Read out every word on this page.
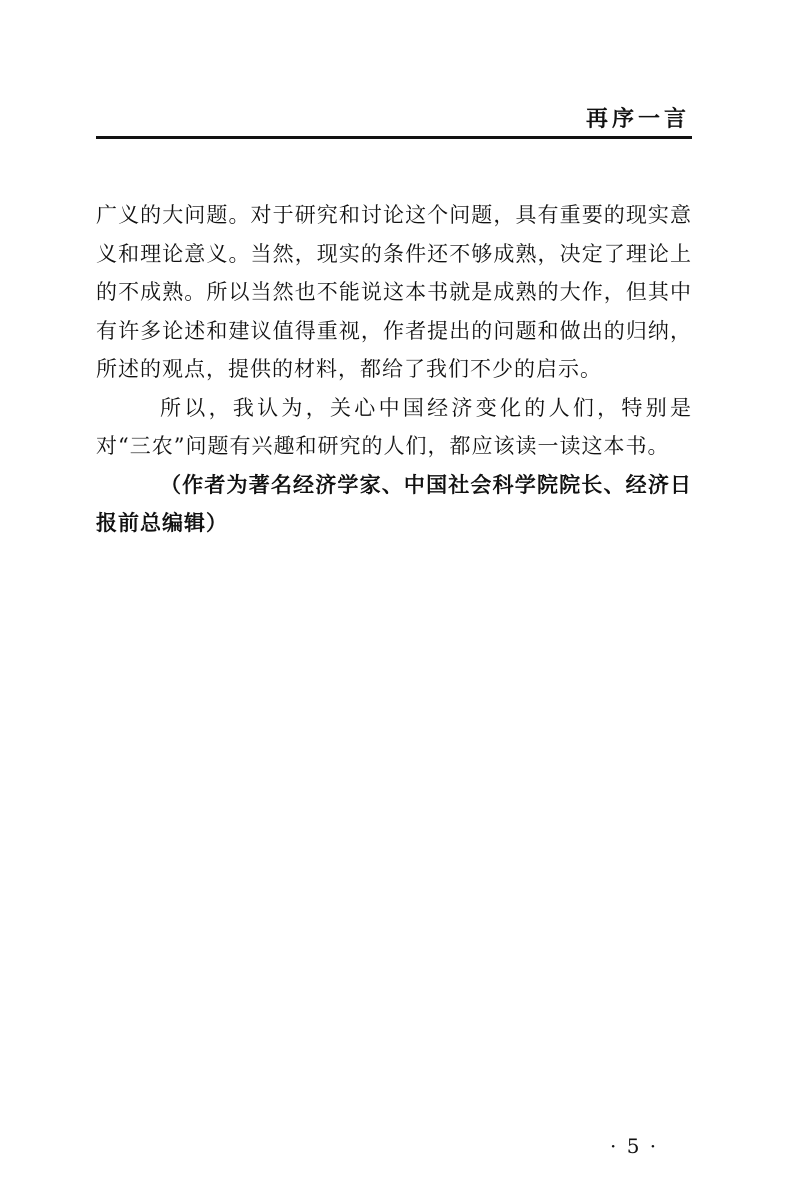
再序一言

广义的大问题。对于研究和讨论这个问题，具有重要的现实意义和理论意义。当然，现实的条件还不够成熟，决定了理论上的不成熟。所以当然也不能说这本书就是成熟的大作，但其中有许多论述和建议值得重视，作者提出的问题和做出的归纳，所述的观点，提供的材料，都给了我们不少的启示。

所以，我认为，关心中国经济变化的人们，特别是对“三农”问题有兴趣和研究的人们，都应该读一读这本书。

（作者为著名经济学家、中国社会科学院院长、经济日报前总编辑）

· 5 ·
